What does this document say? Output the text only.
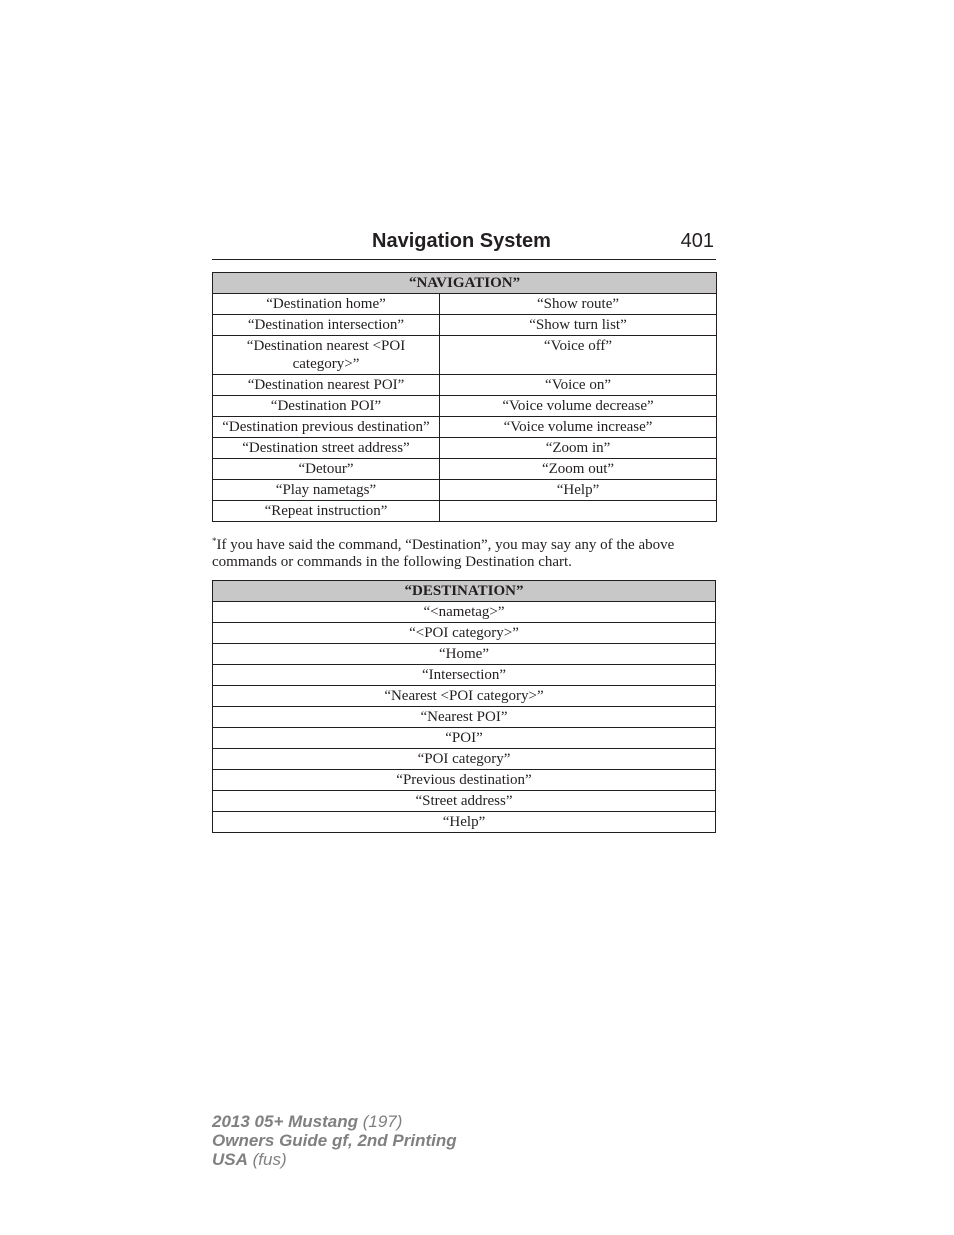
Navigation System	401
“NAVIGATION”	
“Destination home”	“Show route”
“Destination intersection”	“Show turn list”
“Destination nearest <POI category>”	“Voice off”
“Destination nearest POI”	“Voice on”
“Destination POI”	“Voice volume decrease”
“Destination previous destination”	“Voice volume increase”
“Destination street address”	“Zoom in”
“Detour”	“Zoom out”
“Play nametags”	“Help”
“Repeat instruction”	
*If you have said the command, “Destination”, you may say any of the above commands or commands in the following Destination chart.
“DESTINATION”
“<nametag>”
“<POI category>”
“Home”
“Intersection”
“Nearest <POI category>”
“Nearest POI”
“POI”
“POI category”
“Previous destination”
“Street address”
“Help”
2013 05+ Mustang (197)
Owners Guide gf, 2nd Printing
USA (fus)
